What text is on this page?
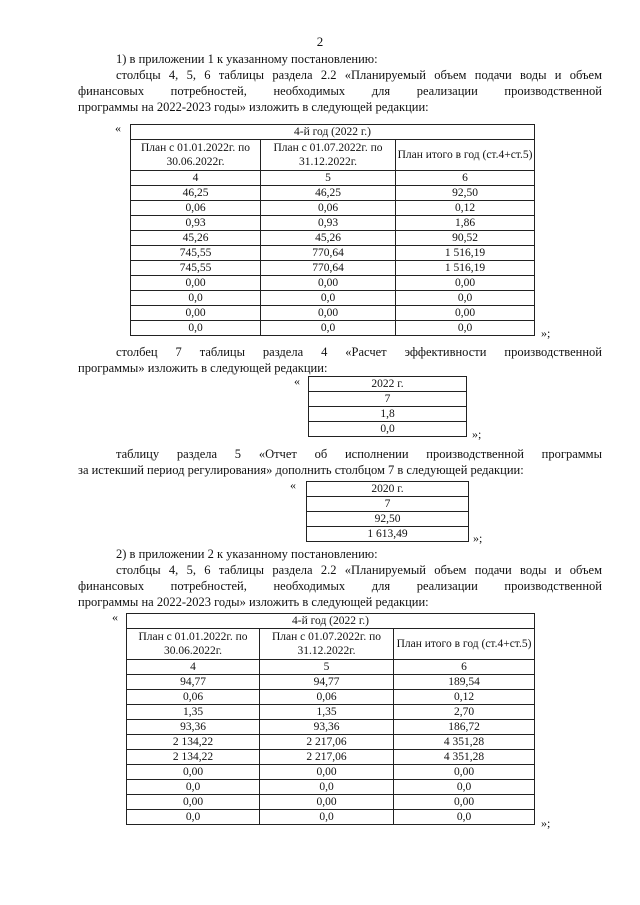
2
1) в приложении 1 к указанному постановлению:
столбцы 4, 5, 6 таблицы раздела 2.2 «Планируемый объем подачи воды и объем
финансовых потребностей, необходимых для реализации производственной
программы на 2022-2023 годы» изложить в следующей редакции:
«	4-й год (2022 г.)		
План с 01.01.2022г. по 30.06.2022г.	План с 01.07.2022г. по 31.12.2022г.	План итого в год (ст.4+ст.5)
4	5	6
46,25	46,25	92,50
0,06	0,06	0,12
0,93	0,93	1,86
45,26	45,26	90,52
745,55	770,64	1 516,19
745,55	770,64	1 516,19
0,00	0,00	0,00
0,0	0,0	0,0
0,00	0,00	0,00
0,0	0,0	0,0	»;
столбец 7 таблицы раздела 4 «Расчет эффективности производственной
программы» изложить в следующей редакции:
«	2022 г.
7
1,8
0,0	»;
таблицу раздела 5 «Отчет об исполнении производственной программы
за истекший период регулирования» дополнить столбцом 7 в следующей редакции:
«	2020 г.
7
92,50
1 613,49	»;
2) в приложении 2 к указанному постановлению:
столбцы 4, 5, 6 таблицы раздела 2.2 «Планируемый объем подачи воды и объем
финансовых потребностей, необходимых для реализации производственной
программы на 2022-2023 годы» изложить в следующей редакции:
«	4-й год (2022 г.)		
План с 01.01.2022г. по 30.06.2022г.	План с 01.07.2022г. по 31.12.2022г.	План итого в год (ст.4+ст.5)
4	5	6
94,77	94,77	189,54
0,06	0,06	0,12
1,35	1,35	2,70
93,36	93,36	186,72
2 134,22	2 217,06	4 351,28
2 134,22	2 217,06	4 351,28
0,00	0,00	0,00
0,0	0,0	0,0
0,00	0,00	0,00
0,0	0,0	0,0	»;
